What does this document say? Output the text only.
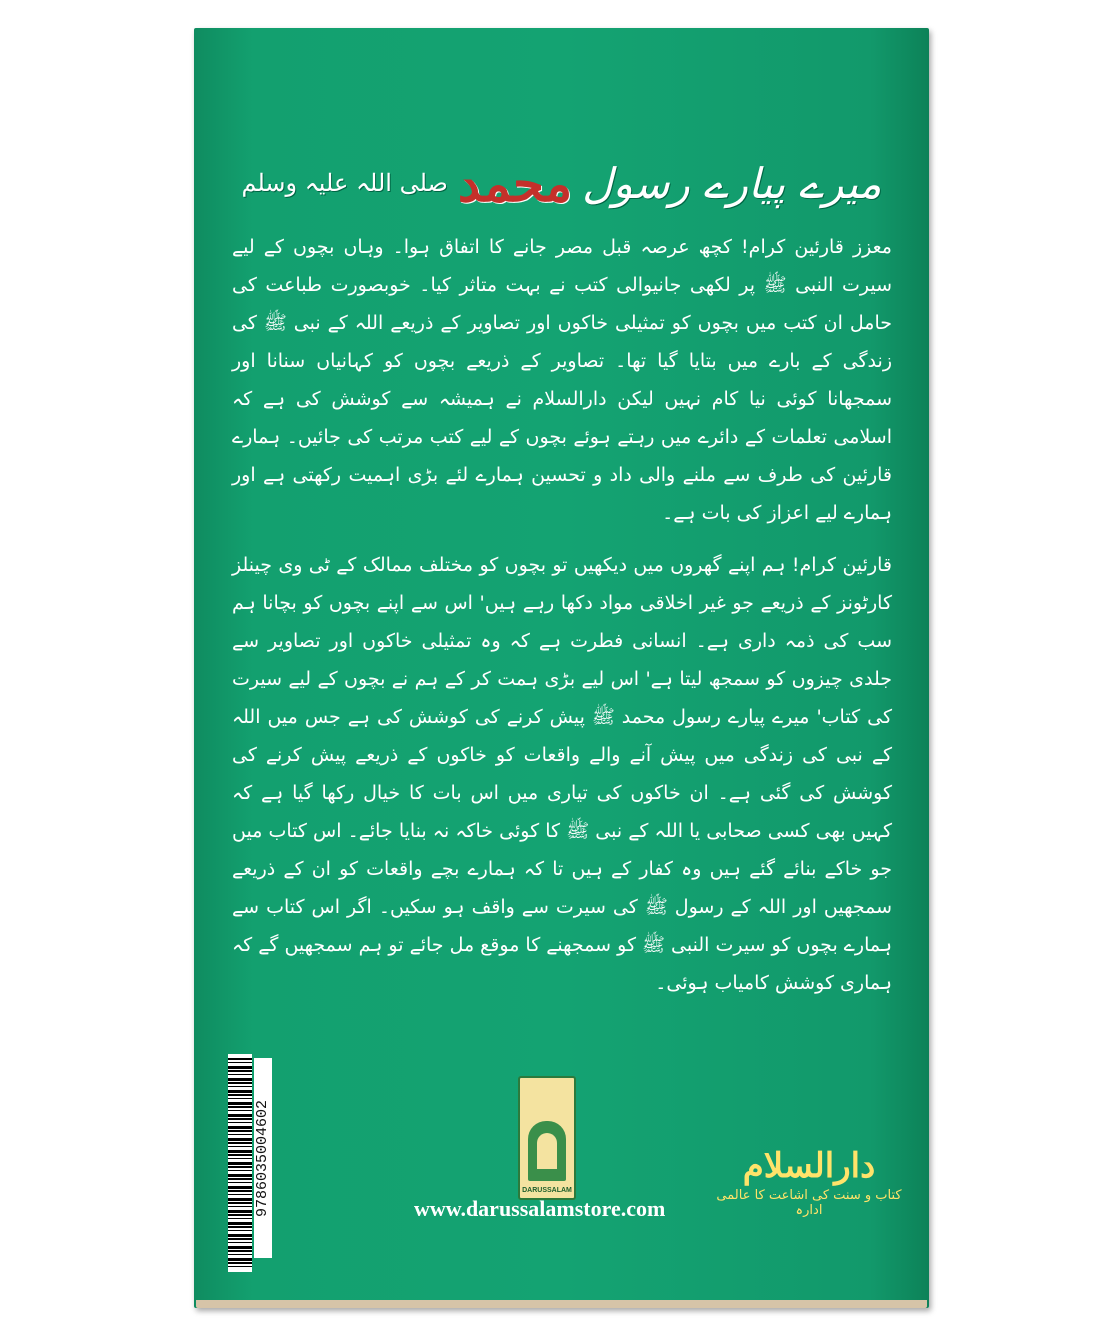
میرے پیارے رسول
محمد
صلی اللہ علیہ وسلم

معزز قارئین کرام! کچھ عرصہ قبل مصر جانے کا اتفاق ہوا۔ وہاں بچوں کے لیے سیرت النبی ﷺ پر لکھی جانیوالی کتب نے بہت متاثر کیا۔ خوبصورت طباعت کی حامل ان کتب میں بچوں کو تمثیلی خاکوں اور تصاویر کے ذریعے اللہ کے نبی ﷺ کی زندگی کے بارے میں بتایا گیا تھا۔ تصاویر کے ذریعے بچوں کو کہانیاں سنانا اور سمجھانا کوئی نیا کام نہیں لیکن دارالسلام نے ہمیشہ سے کوشش کی ہے کہ اسلامی تعلمات کے دائرے میں رہتے ہوئے بچوں کے لیے کتب مرتب کی جائیں۔ ہمارے قارئین کی طرف سے ملنے والی داد و تحسین ہمارے لئے بڑی اہمیت رکھتی ہے اور ہمارے لیے اعزاز کی بات ہے۔

قارئین کرام! ہم اپنے گھروں میں دیکھیں تو بچوں کو مختلف ممالک کے ٹی وی چینلز کارٹونز کے ذریعے جو غیر اخلاقی مواد دکھا رہے ہیں' اس سے اپنے بچوں کو بچانا ہم سب کی ذمہ داری ہے۔ انسانی فطرت ہے کہ وہ تمثیلی خاکوں اور تصاویر سے جلدی چیزوں کو سمجھ لیتا ہے' اس لیے بڑی ہمت کر کے ہم نے بچوں کے لیے سیرت کی کتاب' میرے پیارے رسول محمد ﷺ پیش کرنے کی کوشش کی ہے جس میں اللہ کے نبی کی زندگی میں پیش آنے والے واقعات کو خاکوں کے ذریعے پیش کرنے کی کوشش کی گئی ہے۔ ان خاکوں کی تیاری میں اس بات کا خیال رکھا گیا ہے کہ کہیں بھی کسی صحابی یا اللہ کے نبی ﷺ کا کوئی خاکہ نہ بنایا جائے۔ اس کتاب میں جو خاکے بنائے گئے ہیں وہ کفار کے ہیں تا کہ ہمارے بچے واقعات کو ان کے ذریعے سمجھیں اور اللہ کے رسول ﷺ کی سیرت سے واقف ہو سکیں۔ اگر اس کتاب سے ہمارے بچوں کو سیرت النبی ﷺ کو سمجھنے کا موقع مل جائے تو ہم سمجھیں گے کہ ہماری کوشش کامیاب ہوئی۔

9786035004602	DARUSSALAM
www.darussalamstore.com
دارالسلام
کتاب و سنت کی اشاعت کا عالمی ادارہ
